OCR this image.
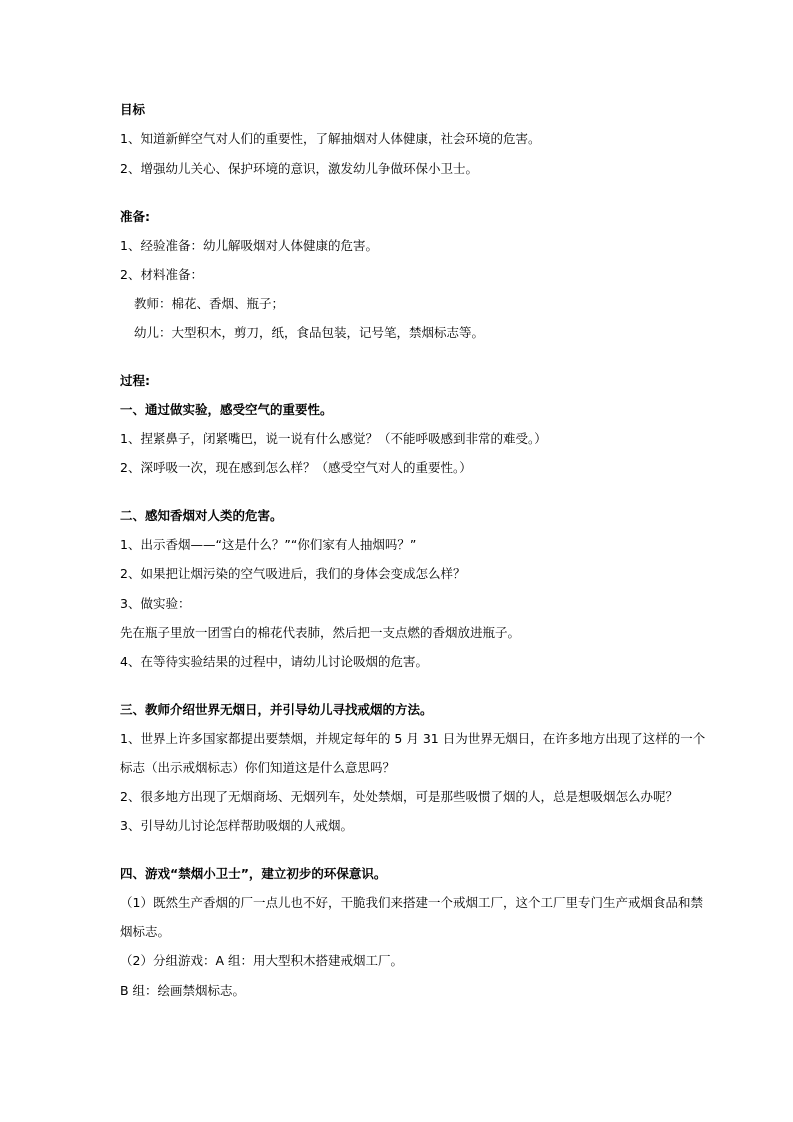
目标

1、知道新鲜空气对人们的重要性，了解抽烟对人体健康，社会环境的危害。

2、增强幼儿关心、保护环境的意识，激发幼儿争做环保小卫士。

准备:

1、经验准备：幼儿解吸烟对人体健康的危害。

2、材料准备：

教师：棉花、香烟、瓶子；

幼儿：大型积木，剪刀，纸，食品包装，记号笔，禁烟标志等。

过程:

一、通过做实验，感受空气的重要性。

1、捏紧鼻子，闭紧嘴巴，说一说有什么感觉？（不能呼吸感到非常的难受。）

2、深呼吸一次，现在感到怎么样？（感受空气对人的重要性。）

二、感知香烟对人类的危害。

1、出示香烟——“这是什么？”“你们家有人抽烟吗？”

2、如果把让烟污染的空气吸进后，我们的身体会变成怎么样？

3、做实验：

先在瓶子里放一团雪白的棉花代表肺，然后把一支点燃的香烟放进瓶子。

4、在等待实验结果的过程中，请幼儿讨论吸烟的危害。

三、教师介绍世界无烟日，并引导幼儿寻找戒烟的方法。

1、世界上许多国家都提出要禁烟，并规定每年的 5 月 31 日为世界无烟日，在许多地方出现了这样的一个

标志（出示戒烟标志）你们知道这是什么意思吗？

2、很多地方出现了无烟商场、无烟列车，处处禁烟，可是那些吸惯了烟的人，总是想吸烟怎么办呢？

3、引导幼儿讨论怎样帮助吸烟的人戒烟。

四、游戏“禁烟小卫士”，建立初步的环保意识。

（1）既然生产香烟的厂一点儿也不好，干脆我们来搭建一个戒烟工厂，这个工厂里专门生产戒烟食品和禁

烟标志。

（2）分组游戏：A 组：用大型积木搭建戒烟工厂。

B 组：绘画禁烟标志。
